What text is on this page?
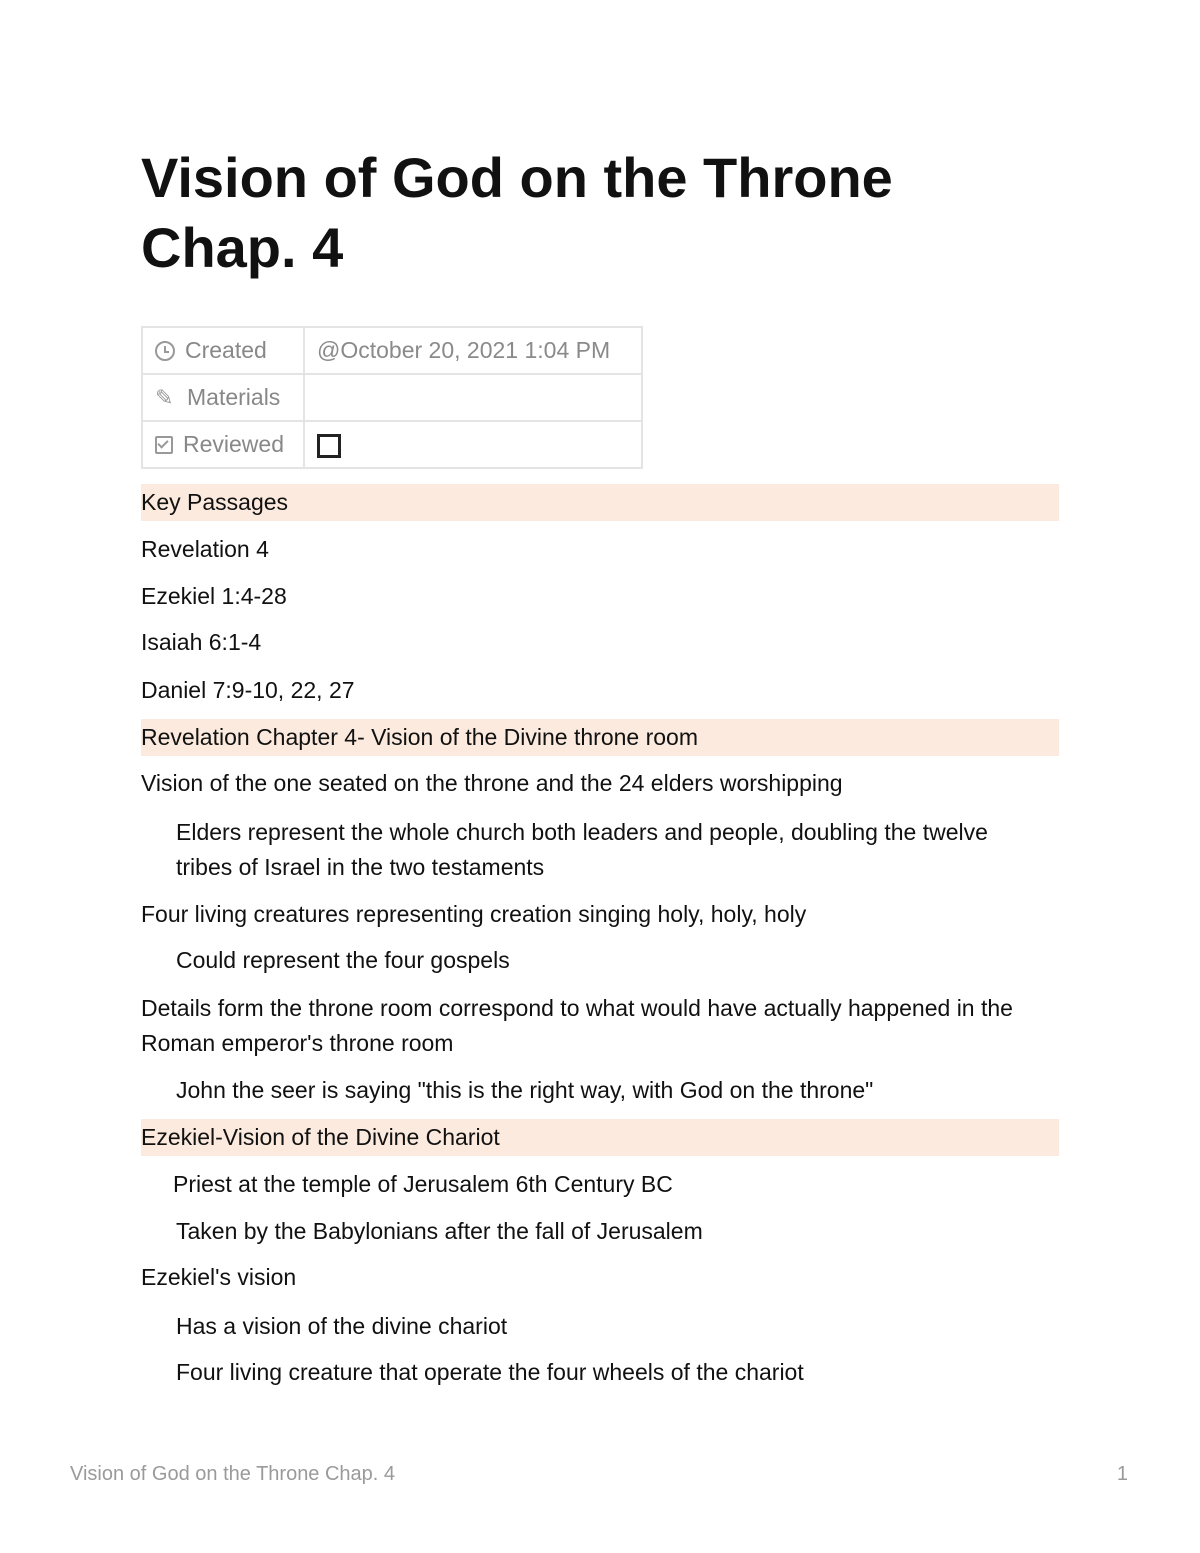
Vision of God on the Throne Chap. 4
Created	@October 20, 2021 1:04 PM

✎ Materials	

Reviewed	

Key Passages
Revelation 4
Ezekiel 1:4-28
Isaiah 6:1-4
Daniel 7:9-10, 22, 27
Revelation Chapter 4- Vision of the Divine throne room
Vision of the one seated on the throne and the 24 elders worshipping
Elders represent the whole church both leaders and people, doubling the twelve tribes of Israel in the two testaments
Four living creatures representing creation singing holy, holy, holy
Could represent the four gospels
Details form the throne room correspond to what would have actually happened in the Roman emperor's throne room
John the seer is saying "this is the right way, with God on the throne"
Ezekiel-Vision of the Divine Chariot
Priest at the temple of Jerusalem 6th Century BC
Taken by the Babylonians after the fall of Jerusalem
Ezekiel's vision
Has a vision of the divine chariot
Four living creature that operate the four wheels of the chariot
Vision of God on the Throne Chap. 4	1
